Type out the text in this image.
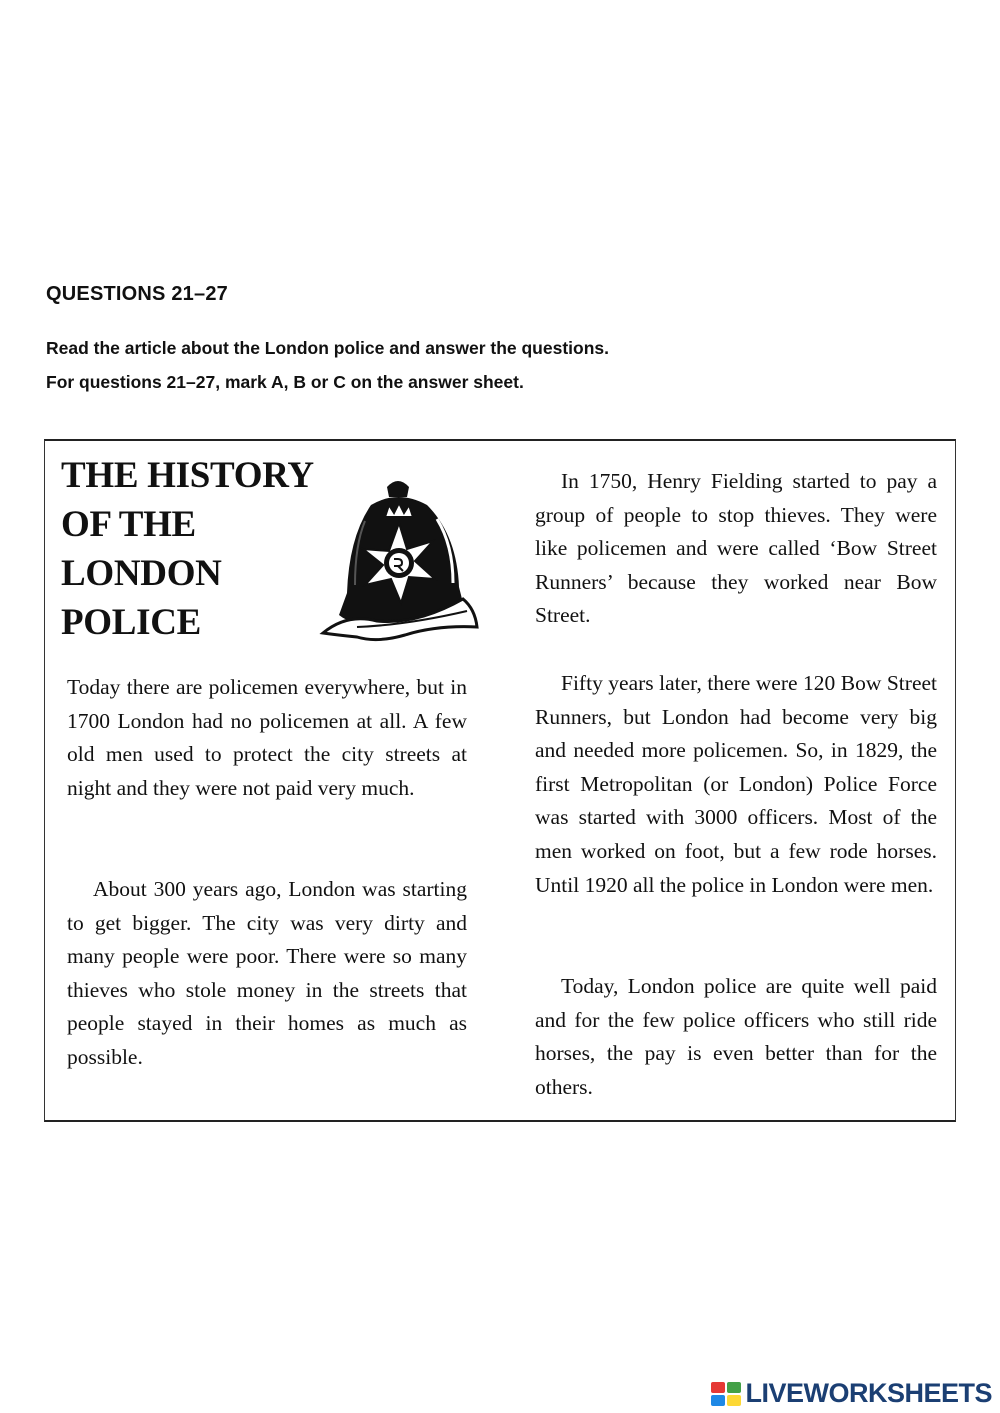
QUESTIONS 21–27
Read the article about the London police and answer the questions.
For questions 21–27, mark A, B or C on the answer sheet.
THE HISTORY
OF THE
LONDON
POLICE

Today there are policemen everywhere, but in 1700 London had no policemen at all. A few old men used to protect the city streets at night and they were not paid very much.

About 300 years ago, London was starting to get bigger. The city was very dirty and many people were poor. There were so many thieves who stole money in the streets that people stayed in their homes as much as possible.

In 1750, Henry Fielding started to pay a group of people to stop thieves. They were like policemen and were called ‘Bow Street Runners’ because they worked near Bow Street.

Fifty years later, there were 120 Bow Street Runners, but London had become very big and needed more policemen. So, in 1829, the first Metropolitan (or London) Police Force was started with 3000 officers. Most of the men worked on foot, but a few rode horses. Until 1920 all the police in London were men.

Today, London police are quite well paid and for the few police officers who still ride horses, the pay is even better than for the others.

LIVEWORKSHEETS
